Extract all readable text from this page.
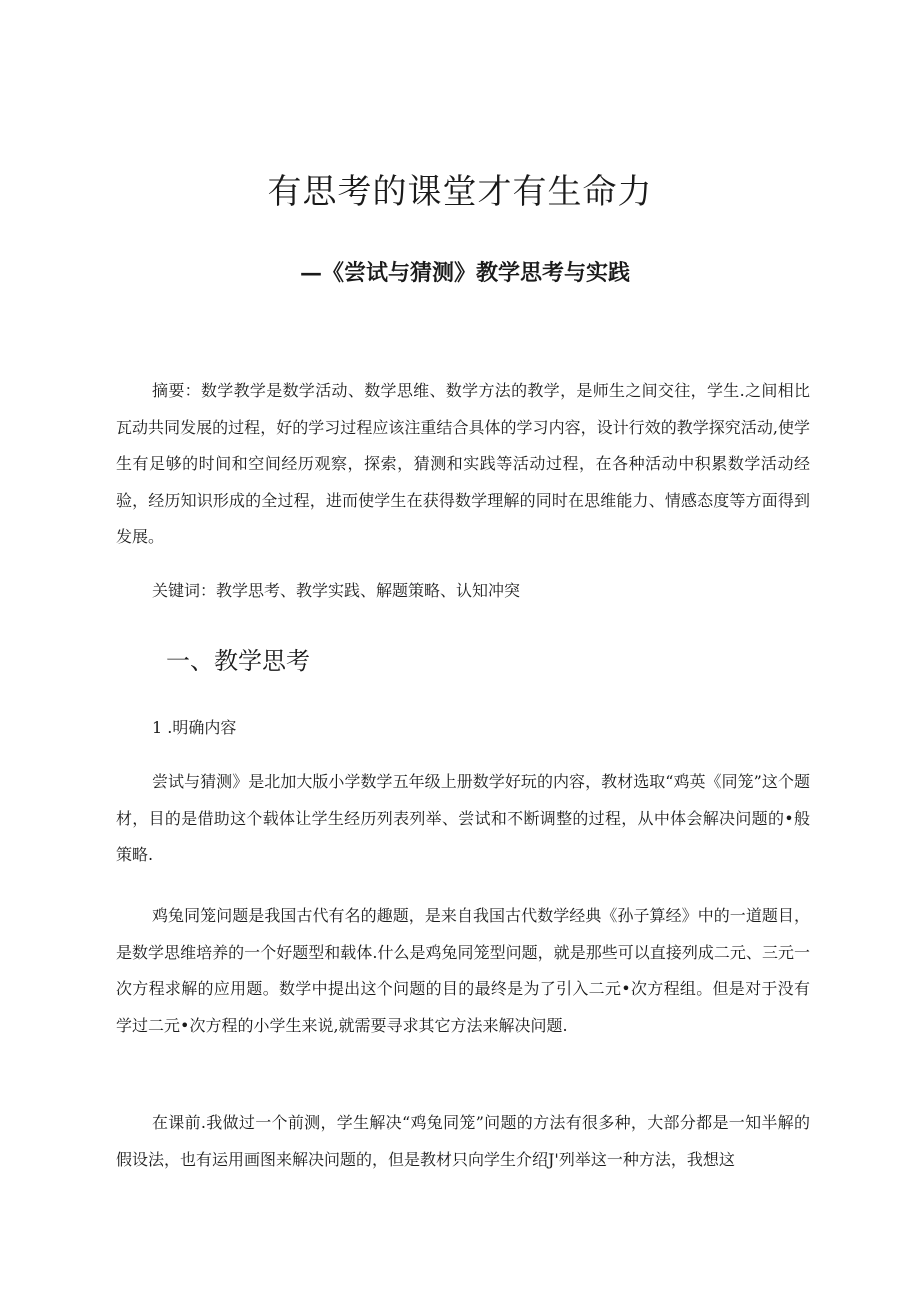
有思考的课堂才有生命力
—《尝试与猜测》教学思考与实践

摘要：数学教学是数学活动、数学思维、数学方法的教学，是师生之间交往，学生.之间相比瓦动共同发展的过程，好的学习过程应该注重结合具体的学习内容，设计行效的教学探究活动,使学生有足够的时间和空间经历观察，探索，猜测和实践等活动过程，在各种活动中积累数学活动经验，经历知识形成的全过程，进而使学生在获得数学理解的同时在思维能力、情感态度等方面得到发展。

关键词：教学思考、教学实践、解题策略、认知冲突

一、教学思考

1 .明确内容

尝试与猜测》是北加大版小学数学五年级上册数学好玩的内容，教材选取“鸡英《同笼”这个题材，目的是借助这个载体让学生经历列表列举、尝试和不断调整的过程，从中体会解决问题的•般策略.

鸡兔同笼问题是我国古代有名的趣题，是来自我国古代数学经典《孙子算经》中的一道题目，是数学思维培养的一个好题型和载体.什么是鸡兔同笼型问题，就是那些可以直接列成二元、三元一次方程求解的应用题。数学中提出这个问题的目的最终是为了引入二元•次方程组。但是对于没有学过二元•次方程的小学生来说,就需要寻求其它方法来解决问题.

在课前.我做过一个前测，学生解决“鸡兔同笼”问题的方法有很多种，大部分都是一知半解的假设法，也有运用画图来解决问题的，但是教材只向学生介绍J'列举这一种方法，我想这
